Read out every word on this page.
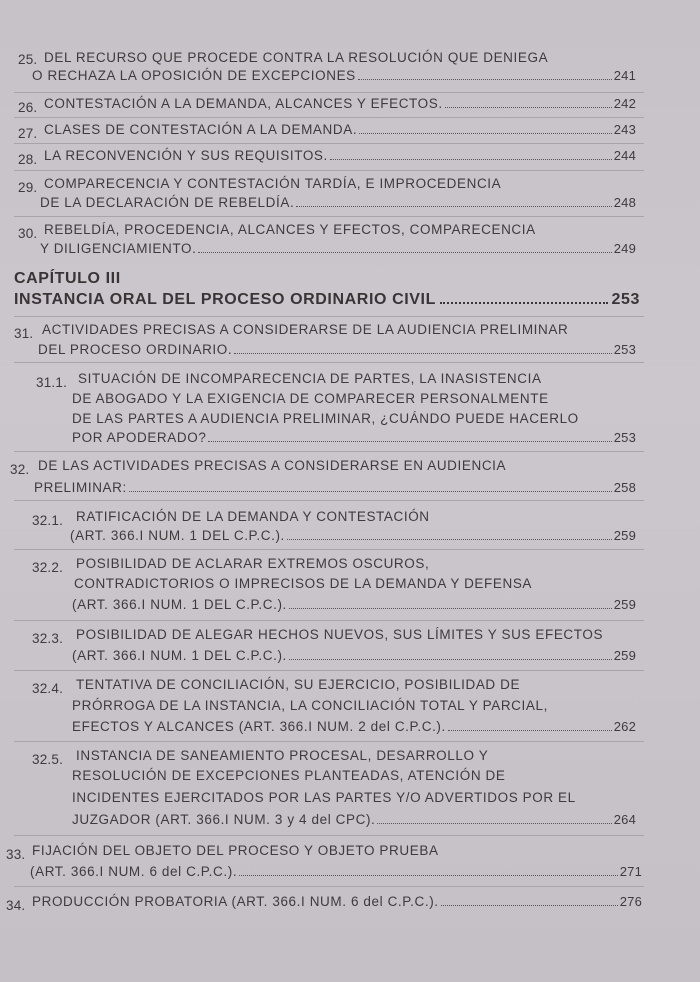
25. DEL RECURSO QUE PROCEDE CONTRA LA RESOLUCIÓN QUE DENIEGA
O RECHAZA LA OPOSICIÓN DE EXCEPCIONES	241
26. CONTESTACIÓN A LA DEMANDA, ALCANCES Y EFECTOS.	242
27. CLASES DE CONTESTACIÓN A LA DEMANDA.	243
28. LA RECONVENCIÓN Y SUS REQUISITOS.	244
29. COMPARECENCIA Y CONTESTACIÓN TARDÍA, E IMPROCEDENCIA
DE LA DECLARACIÓN DE REBELDÍA.	248
30. REBELDÍA, PROCEDENCIA, ALCANCES Y EFECTOS, COMPARECENCIA
Y DILIGENCIAMIENTO.	249
CAPÍTULO III
INSTANCIA ORAL DEL PROCESO ORDINARIO CIVIL	253
31. ACTIVIDADES PRECISAS A CONSIDERARSE DE LA AUDIENCIA PRELIMINAR
DEL PROCESO ORDINARIO.	253
31.1. SITUACIÓN DE INCOMPARECENCIA DE PARTES, LA INASISTENCIA
DE ABOGADO Y LA EXIGENCIA DE COMPARECER PERSONALMENTE
DE LAS PARTES A AUDIENCIA PRELIMINAR, ¿CUÁNDO PUEDE HACERLO
POR APODERADO?	253
32. DE LAS ACTIVIDADES PRECISAS A CONSIDERARSE EN AUDIENCIA
PRELIMINAR:	258
32.1. RATIFICACIÓN DE LA DEMANDA Y CONTESTACIÓN
(ART. 366.I NUM. 1 DEL C.P.C.).	259
32.2. POSIBILIDAD DE ACLARAR EXTREMOS OSCUROS,
CONTRADICTORIOS O IMPRECISOS DE LA DEMANDA Y DEFENSA
(ART. 366.I NUM. 1 DEL C.P.C.).	259
32.3. POSIBILIDAD DE ALEGAR HECHOS NUEVOS, SUS LÍMITES Y SUS EFECTOS
(ART. 366.I NUM. 1 DEL C.P.C.).	259
32.4. TENTATIVA DE CONCILIACIÓN, SU EJERCICIO, POSIBILIDAD DE
PRÓRROGA DE LA INSTANCIA, LA CONCILIACIÓN TOTAL Y PARCIAL,
EFECTOS Y ALCANCES (ART. 366.I NUM. 2 del C.P.C.).	262
32.5. INSTANCIA DE SANEAMIENTO PROCESAL, DESARROLLO Y
RESOLUCIÓN DE EXCEPCIONES PLANTEADAS, ATENCIÓN DE
INCIDENTES EJERCITADOS POR LAS PARTES Y/O ADVERTIDOS POR EL
JUZGADOR (ART. 366.I NUM. 3 y 4 del CPC).	264
33. FIJACIÓN DEL OBJETO DEL PROCESO Y OBJETO PRUEBA
(ART. 366.I NUM. 6 del C.P.C.).	271
34. PRODUCCIÓN PROBATORIA (ART. 366.I NUM. 6 del C.P.C.).	276
